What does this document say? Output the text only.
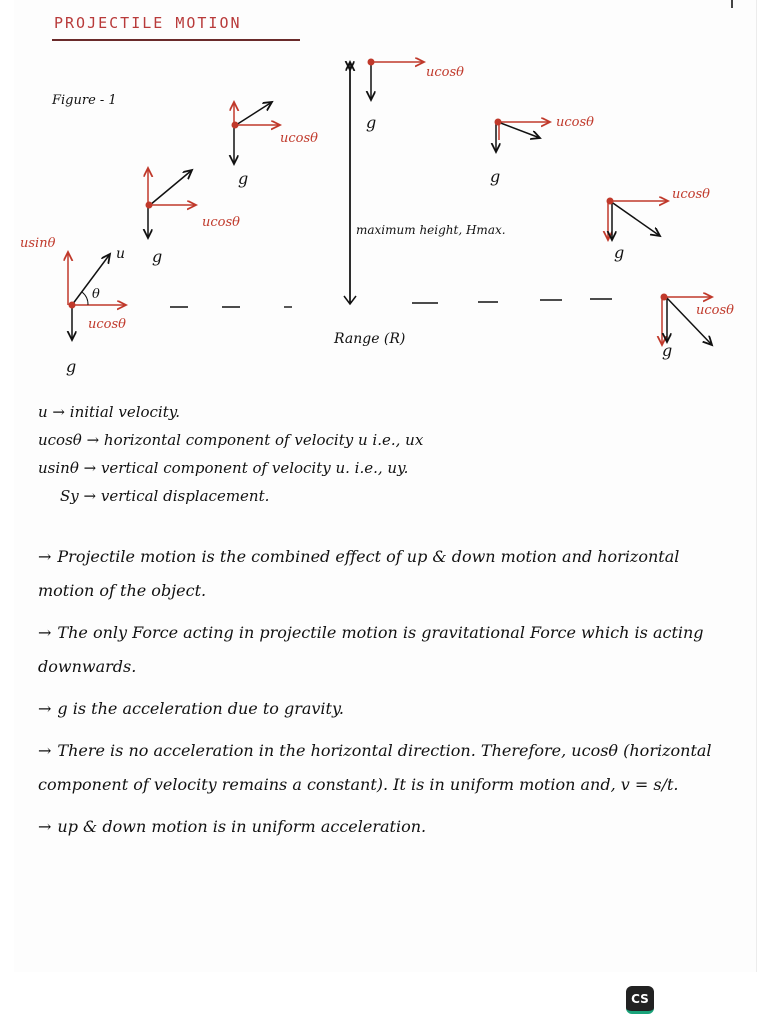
PROJECTILE MOTION
Figure - 1
usinθ
u
θ
ucosθ
g
ucosθ
g
ucosθ
g
ucosθ
g
maximum height, Hmax.
Range (R)
ucosθ
g
ucosθ
g
ucosθ
g
u → initial velocity.
ucosθ → horizontal component of velocity u i.e., ux
usinθ → vertical component of velocity u. i.e., uy.
Sy → vertical displacement.
→ Projectile motion is the combined effect of up & down motion and horizontal motion of the object.
→ The only Force acting in projectile motion is gravitational Force which is acting downwards.
→ g is the acceleration due to gravity.
→ There is no acceleration in the horizontal direction. Therefore, ucosθ (horizontal component of velocity remains a constant). It is in uniform motion and, v = s/t.
→ up & down motion is in uniform acceleration.
CS
